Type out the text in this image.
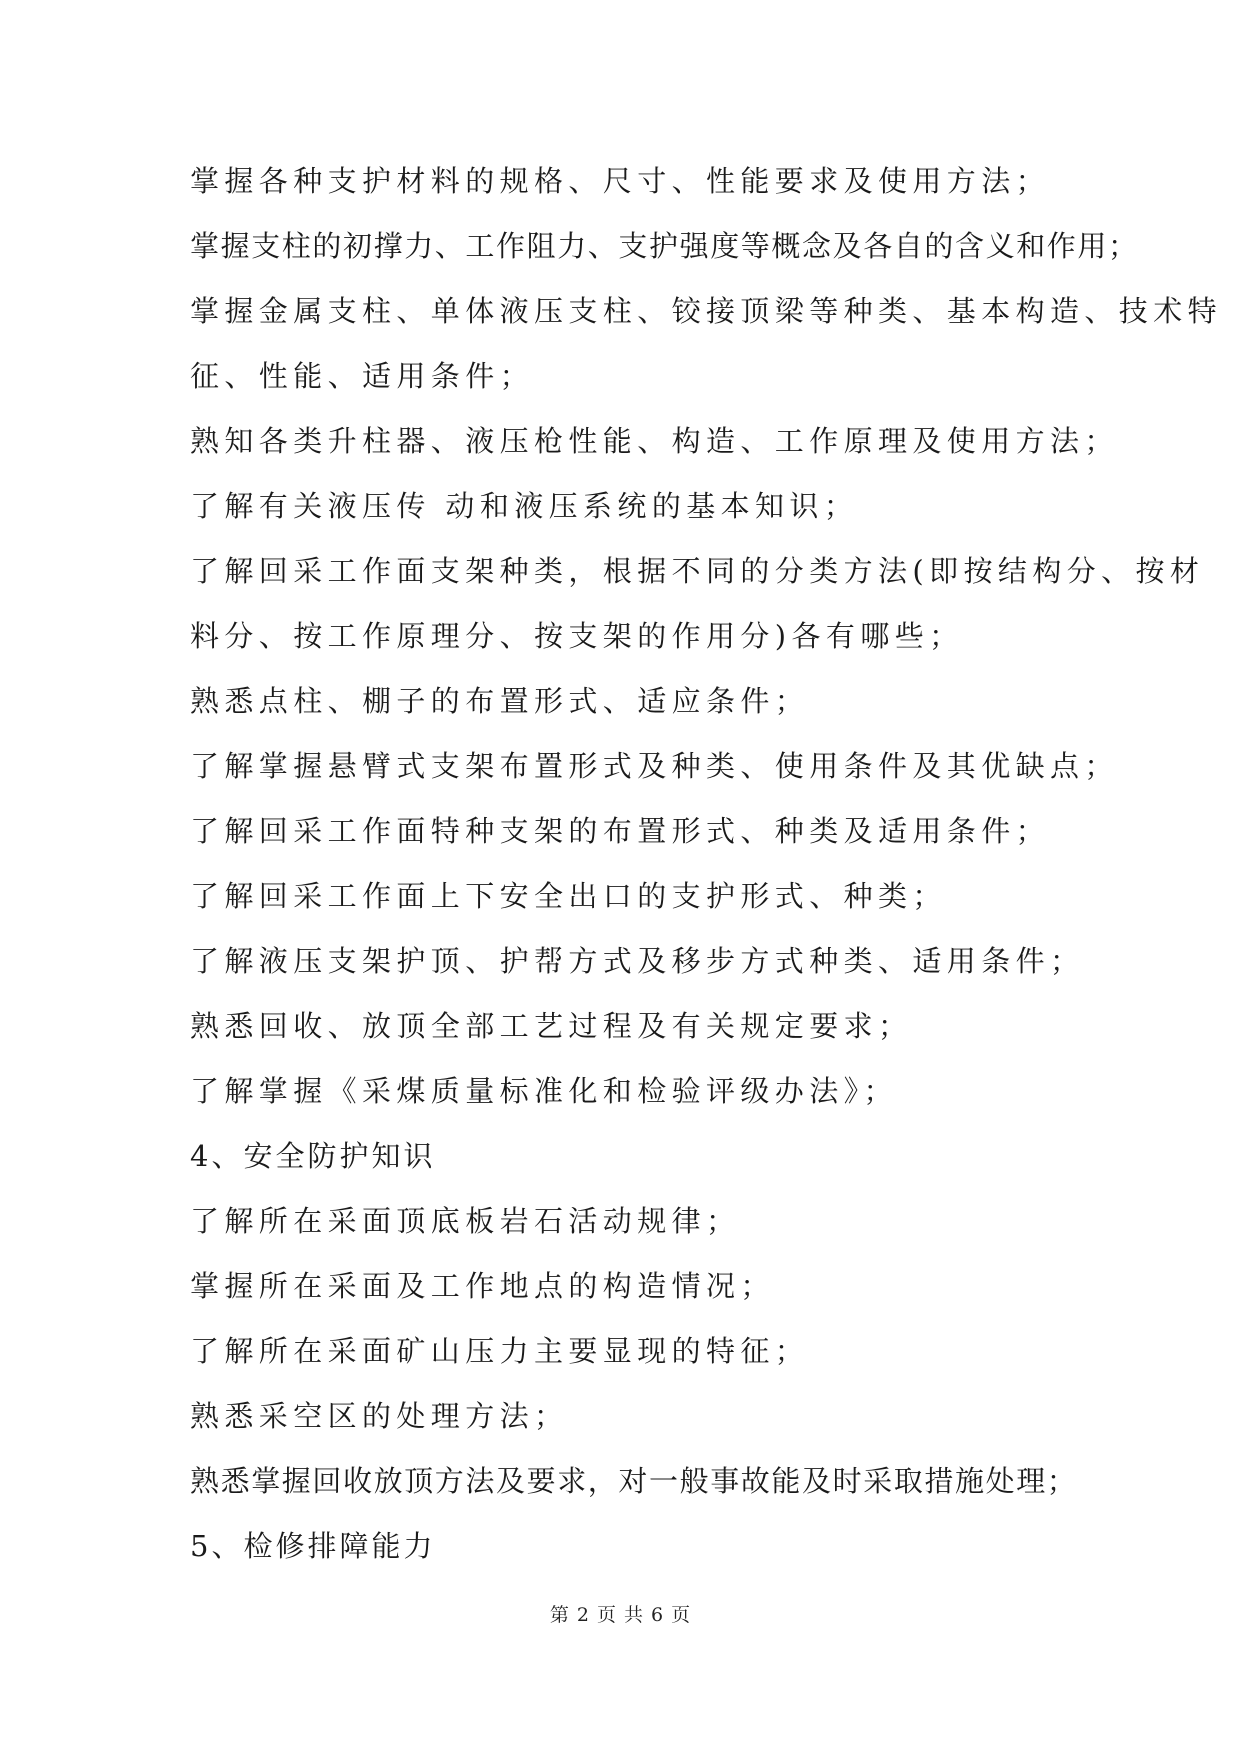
掌握各种支护材料的规格、尺寸、性能要求及使用方法；
掌握支柱的初撑力、工作阻力、支护强度等概念及各自的含义和作用；
掌握金属支柱、单体液压支柱、铰接顶梁等种类、基本构造、技术特
征、性能、适用条件；
熟知各类升柱器、液压枪性能、构造、工作原理及使用方法；
了解有关液压传 动和液压系统的基本知识；
了解回采工作面支架种类，根据不同的分类方法(即按结构分、按材
料分、按工作原理分、按支架的作用分)各有哪些；
熟悉点柱、棚子的布置形式、适应条件；
了解掌握悬臂式支架布置形式及种类、使用条件及其优缺点；
了解回采工作面特种支架的布置形式、种类及适用条件；
了解回采工作面上下安全出口的支护形式、种类；
了解液压支架护顶、护帮方式及移步方式种类、适用条件；
熟悉回收、放顶全部工艺过程及有关规定要求；
了解掌握《采煤质量标准化和检验评级办法》；
4、安全防护知识
了解所在采面顶底板岩石活动规律；
掌握所在采面及工作地点的构造情况；
了解所在采面矿山压力主要显现的特征；
熟悉采空区的处理方法；
熟悉掌握回收放顶方法及要求，对一般事故能及时采取措施处理；
5、检修排障能力
第 2 页 共 6 页
